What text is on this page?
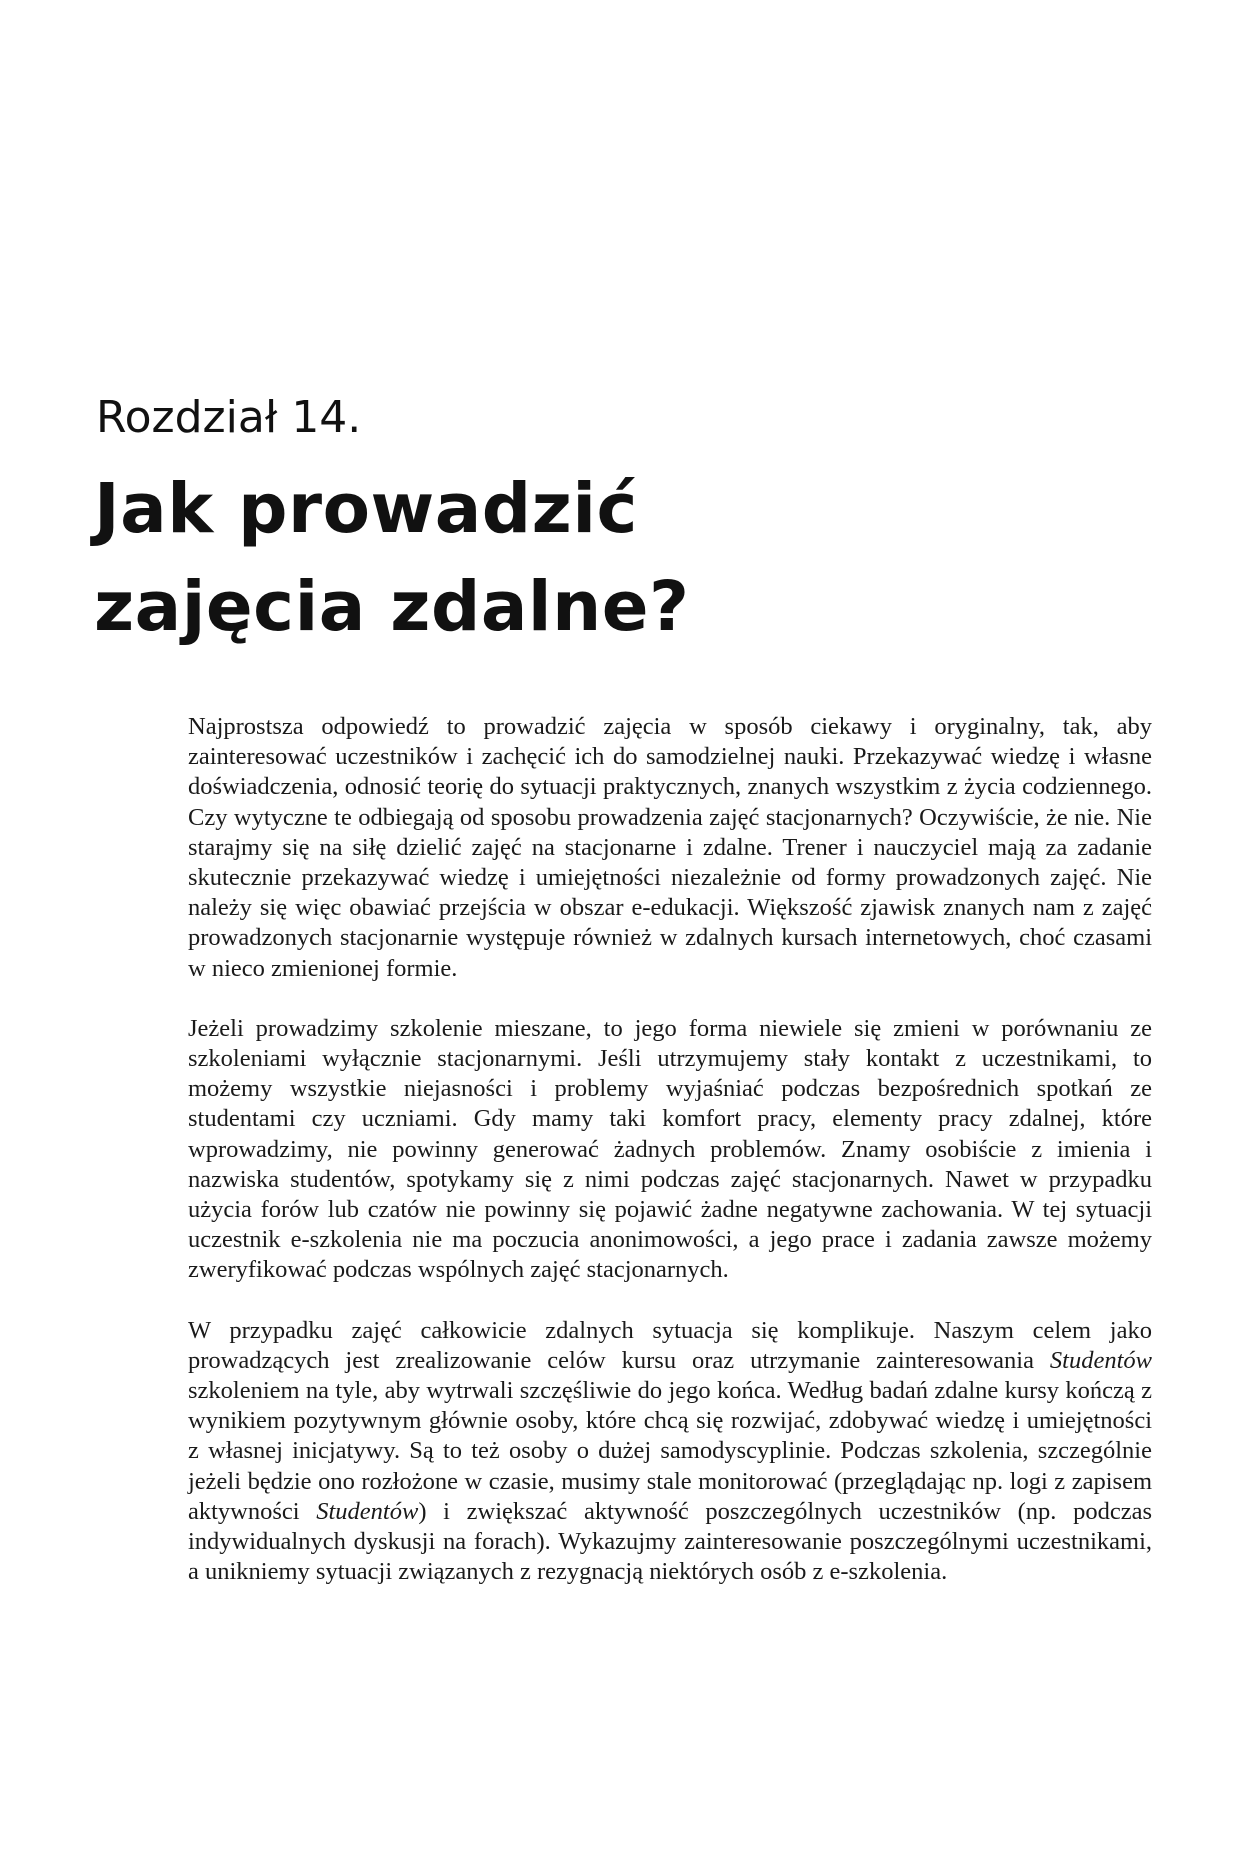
Rozdział 14.
Jak prowadzić
zajęcia zdalne?

Najprostsza odpowiedź to prowadzić zajęcia w sposób ciekawy i oryginalny, tak, aby zainteresować uczestników i zachęcić ich do samodzielnej nauki. Przekazywać wiedzę i własne doświadczenia, odnosić teorię do sytuacji praktycznych, znanych wszystkim z życia codziennego. Czy wytyczne te odbiegają od sposobu prowadzenia zajęć stacjonarnych? Oczywiście, że nie. Nie starajmy się na siłę dzielić zajęć na stacjonarne i zdalne. Trener i nauczyciel mają za zadanie skutecznie przekazywać wiedzę i umiejętności niezależnie od formy prowadzonych zajęć. Nie należy się więc obawiać przejścia w obszar e-edukacji. Większość zjawisk znanych nam z zajęć prowadzonych stacjonarnie występuje również w zdalnych kursach internetowych, choć czasami w nieco zmienionej formie.

Jeżeli prowadzimy szkolenie mieszane, to jego forma niewiele się zmieni w porównaniu ze szkoleniami wyłącznie stacjonarnymi. Jeśli utrzymujemy stały kontakt z uczestnikami, to możemy wszystkie niejasności i problemy wyjaśniać podczas bezpośrednich spotkań ze studentami czy uczniami. Gdy mamy taki komfort pracy, elementy pracy zdalnej, które wprowadzimy, nie powinny generować żadnych problemów. Znamy osobiście z imienia i nazwiska studentów, spotykamy się z nimi podczas zajęć stacjonarnych. Nawet w przypadku użycia forów lub czatów nie powinny się pojawić żadne negatywne zachowania. W tej sytuacji uczestnik e-szkolenia nie ma poczucia anonimowości, a jego prace i zadania zawsze możemy zweryfikować podczas wspólnych zajęć stacjonarnych.

W przypadku zajęć całkowicie zdalnych sytuacja się komplikuje. Naszym celem jako prowadzących jest zrealizowanie celów kursu oraz utrzymanie zainteresowania Studentów szkoleniem na tyle, aby wytrwali szczęśliwie do jego końca. Według badań zdalne kursy kończą z wynikiem pozytywnym głównie osoby, które chcą się rozwijać, zdobywać wiedzę i umiejętności z własnej inicjatywy. Są to też osoby o dużej samodyscyplinie. Podczas szkolenia, szczególnie jeżeli będzie ono rozłożone w czasie, musimy stale monitorować (przeglądając np. logi z zapisem aktywności Studentów) i zwiększać aktywność poszczególnych uczestników (np. podczas indywidualnych dyskusji na forach). Wykazujmy zainteresowanie poszczególnymi uczestnikami, a unikniemy sytuacji związanych z rezygnacją niektórych osób z e-szkolenia.
